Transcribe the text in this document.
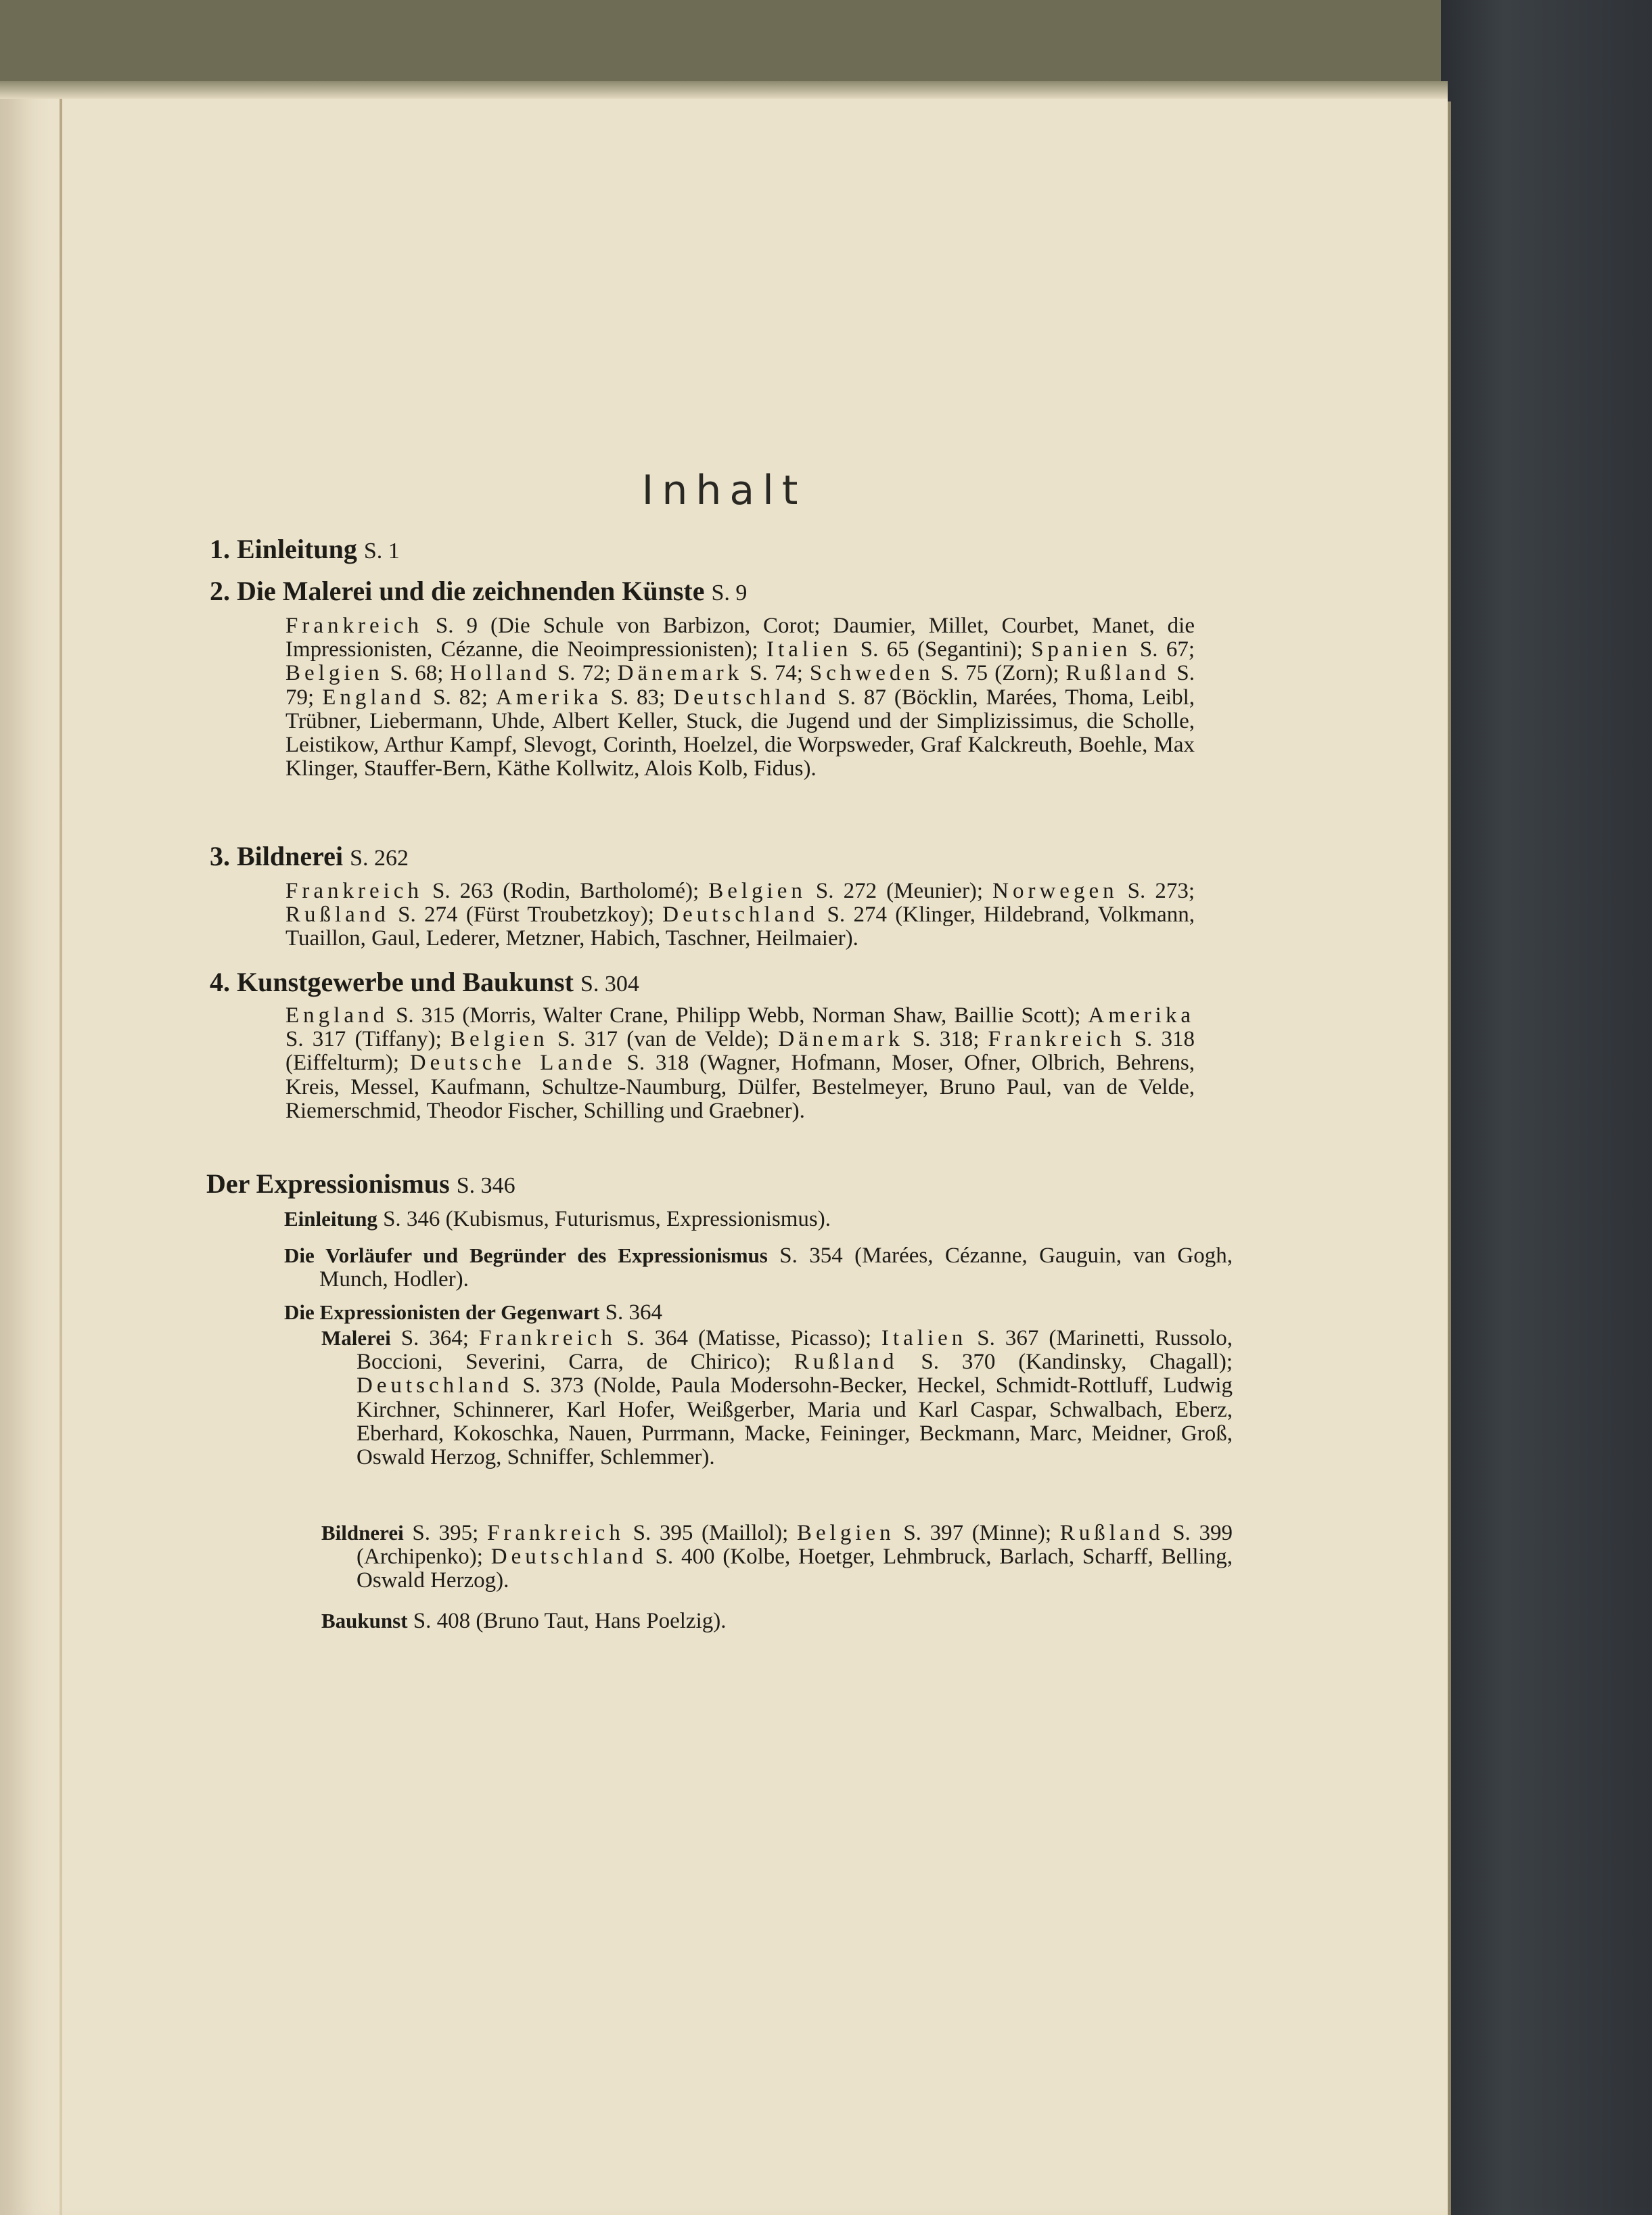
Inhalt
1. Einleitung S. 1
2. Die Malerei und die zeichnenden Künste S. 9
Frankreich S. 9 (Die Schule von Barbizon, Corot; Daumier, Millet, Courbet, Manet, die Impressionisten, Cézanne, die Neoimpressionisten); Italien S. 65 (Segantini); Spanien S. 67; Belgien S. 68; Holland S. 72; Dänemark S. 74; Schweden S. 75 (Zorn); Rußland S. 79; England S. 82; Amerika S. 83; Deutschland S. 87 (Böcklin, Marées, Thoma, Leibl, Trübner, Liebermann, Uhde, Albert Keller, Stuck, die Jugend und der Simplizissimus, die Scholle, Leistikow, Arthur Kampf, Slevogt, Corinth, Hoelzel, die Worpsweder, Graf Kalckreuth, Boehle, Max Klinger, Stauffer-Bern, Käthe Kollwitz, Alois Kolb, Fidus).
3. Bildnerei S. 262
Frankreich S. 263 (Rodin, Bartholomé); Belgien S. 272 (Meunier); Norwegen S. 273; Rußland S. 274 (Fürst Troubetzkoy); Deutschland S. 274 (Klinger, Hildebrand, Volkmann, Tuaillon, Gaul, Lederer, Metzner, Habich, Taschner, Heilmaier).
4. Kunstgewerbe und Baukunst S. 304
England S. 315 (Morris, Walter Crane, Philipp Webb, Norman Shaw, Baillie Scott); Amerika S. 317 (Tiffany); Belgien S. 317 (van de Velde); Dänemark S. 318; Frankreich S. 318 (Eiffelturm); Deutsche Lande S. 318 (Wagner, Hofmann, Moser, Ofner, Olbrich, Behrens, Kreis, Messel, Kaufmann, Schultze-Naumburg, Dülfer, Bestelmeyer, Bruno Paul, van de Velde, Riemerschmid, Theodor Fischer, Schilling und Graebner).
Der Expressionismus S. 346
Einleitung S. 346 (Kubismus, Futurismus, Expressionismus).
Die Vorläufer und Begründer des Expressionismus S. 354 (Marées, Cézanne, Gauguin, van Gogh, Munch, Hodler).
Die Expressionisten der Gegenwart S. 364
Malerei S. 364; Frankreich S. 364 (Matisse, Picasso); Italien S. 367 (Marinetti, Russolo, Boccioni, Severini, Carra, de Chirico); Rußland S. 370 (Kandinsky, Chagall); Deutschland S. 373 (Nolde, Paula Modersohn-Becker, Heckel, Schmidt-Rottluff, Ludwig Kirchner, Schinnerer, Karl Hofer, Weißgerber, Maria und Karl Caspar, Schwalbach, Eberz, Eberhard, Kokoschka, Nauen, Purrmann, Macke, Feininger, Beckmann, Marc, Meidner, Groß, Oswald Herzog, Schniffer, Schlemmer).
Bildnerei S. 395; Frankreich S. 395 (Maillol); Belgien S. 397 (Minne); Rußland S. 399 (Archipenko); Deutschland S. 400 (Kolbe, Hoetger, Lehmbruck, Barlach, Scharff, Belling, Oswald Herzog).
Baukunst S. 408 (Bruno Taut, Hans Poelzig).
